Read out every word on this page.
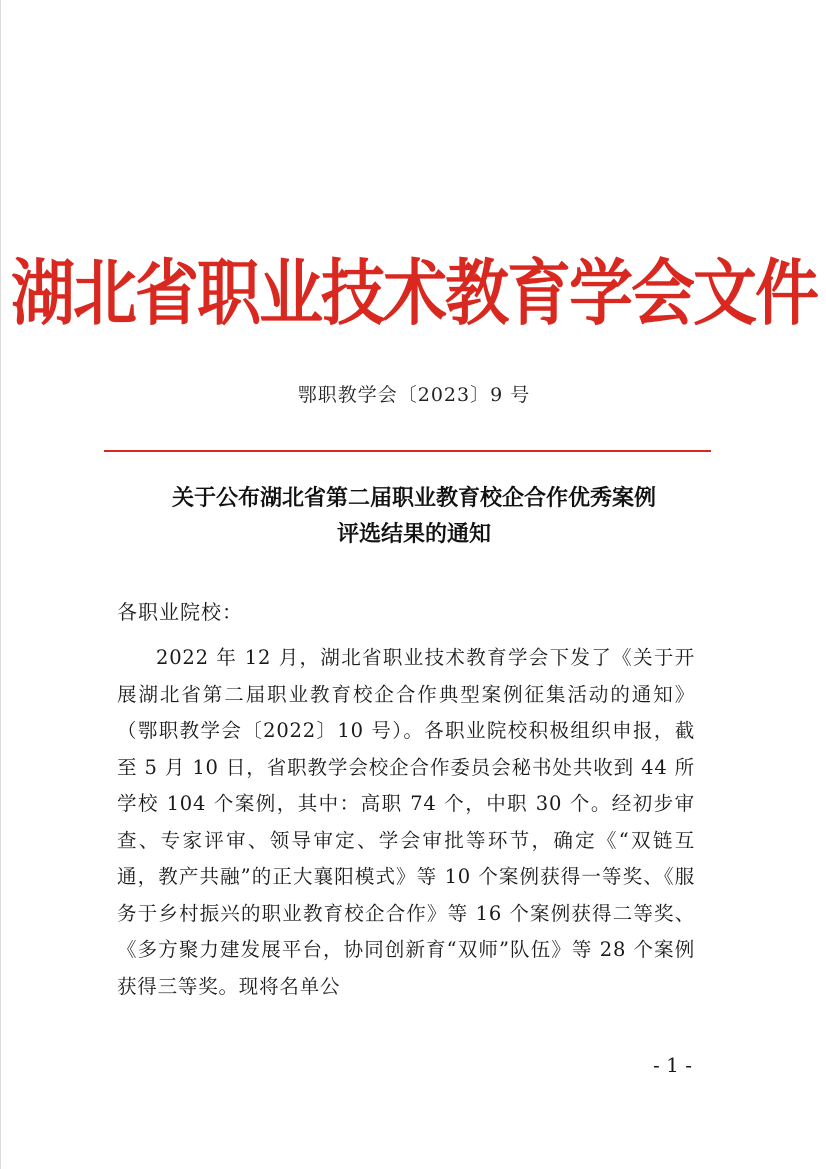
湖北省职业技术教育学会文件
鄂职教学会〔2023〕9 号
关于公布湖北省第二届职业教育校企合作优秀案例
评选结果的通知
各职业院校：
2022 年 12 月，湖北省职业技术教育学会下发了《关于开展湖北省第二届职业教育校企合作典型案例征集活动的通知》（鄂职教学会〔2022〕10 号）。各职业院校积极组织申报，截至 5 月 10 日，省职教学会校企合作委员会秘书处共收到 44 所学校 104 个案例，其中：高职 74 个，中职 30 个。经初步审查、专家评审、领导审定、学会审批等环节，确定《“双链互通，教产共融”的正大襄阳模式》等 10 个案例获得一等奖、《服务于乡村振兴的职业教育校企合作》等 16 个案例获得二等奖、《多方聚力建发展平台，协同创新育“双师”队伍》等 28 个案例获得三等奖。现将名单公
- 1 -
